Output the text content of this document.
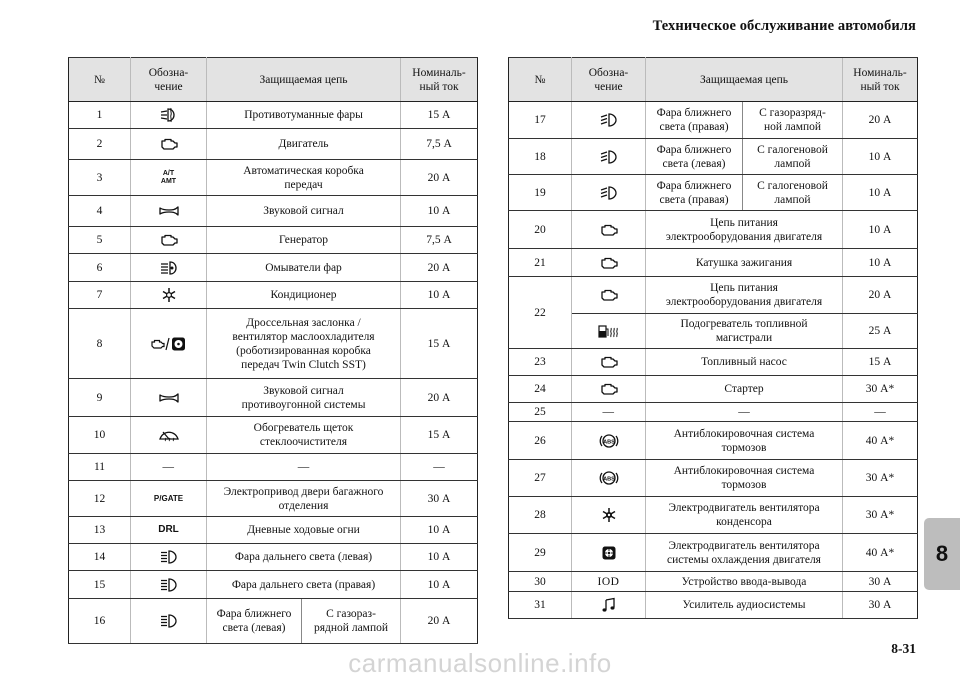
Техническое обслуживание автомобиля
№	Обозна-
чение	Защищаемая цепь		Номиналь-
ный ток
1		Противотуманные фары		15 А
2		Двигатель		7,5 А
3	A/T
AMT	Автоматическая коробка
передач		20 А
4		Звуковой сигнал		10 А
5		Генератор		7,5 А
6		Омыватели фар		20 А
7		Кондиционер		10 А
8		Дроссельная заслонка /
вентилятор маслоохладителя
(роботизированная коробка
передач Twin Clutch SST)		15 А
9		Звуковой сигнал
противоугонной системы		20 А
10		Обогреватель щеток
стеклоочистителя		15 А
11	—	—		—
12	P/GATE	Электропривод двери багажного
отделения		30 А
13	DRL	Дневные ходовые огни		10 А
14		Фара дальнего света (левая)		10 А
15		Фара дальнего света (правая)		10 А
16		Фара ближнего
света (левая)	С газораз-
рядной лампой	20 А
№	Обозна-
чение	Защищаемая цепь		Номиналь-
ный ток
17		Фара ближнего
света (правая)	С газоразряд-
ной лампой	20 А
18		Фара ближнего
света (левая)	С галогеновой
лампой	10 А
19		Фара ближнего
света (правая)	С галогеновой
лампой	10 А
20		Цепь питания
электрооборудования двигателя		10 А
21		Катушка зажигания		10 А
22		Цепь питания
электрооборудования двигателя		20 А

	Подогреватель топливной
магистрали		25 А
23		Топливный насос		15 А
24		Стартер		30 А*
25	—	—		—
26	ABS	Антиблокировочная система
тормозов		40 А*
27	ABS	Антиблокировочная система
тормозов		30 А*
28		Электродвигатель вентилятора
конденсора		30 А*
29		Электродвигатель вентилятора
системы охлаждения двигателя		40 А*
30	IOD	Устройство ввода-вывода		30 А
31		Усилитель аудиосистемы		30 А
8
8-31
carmanualsonline.info
